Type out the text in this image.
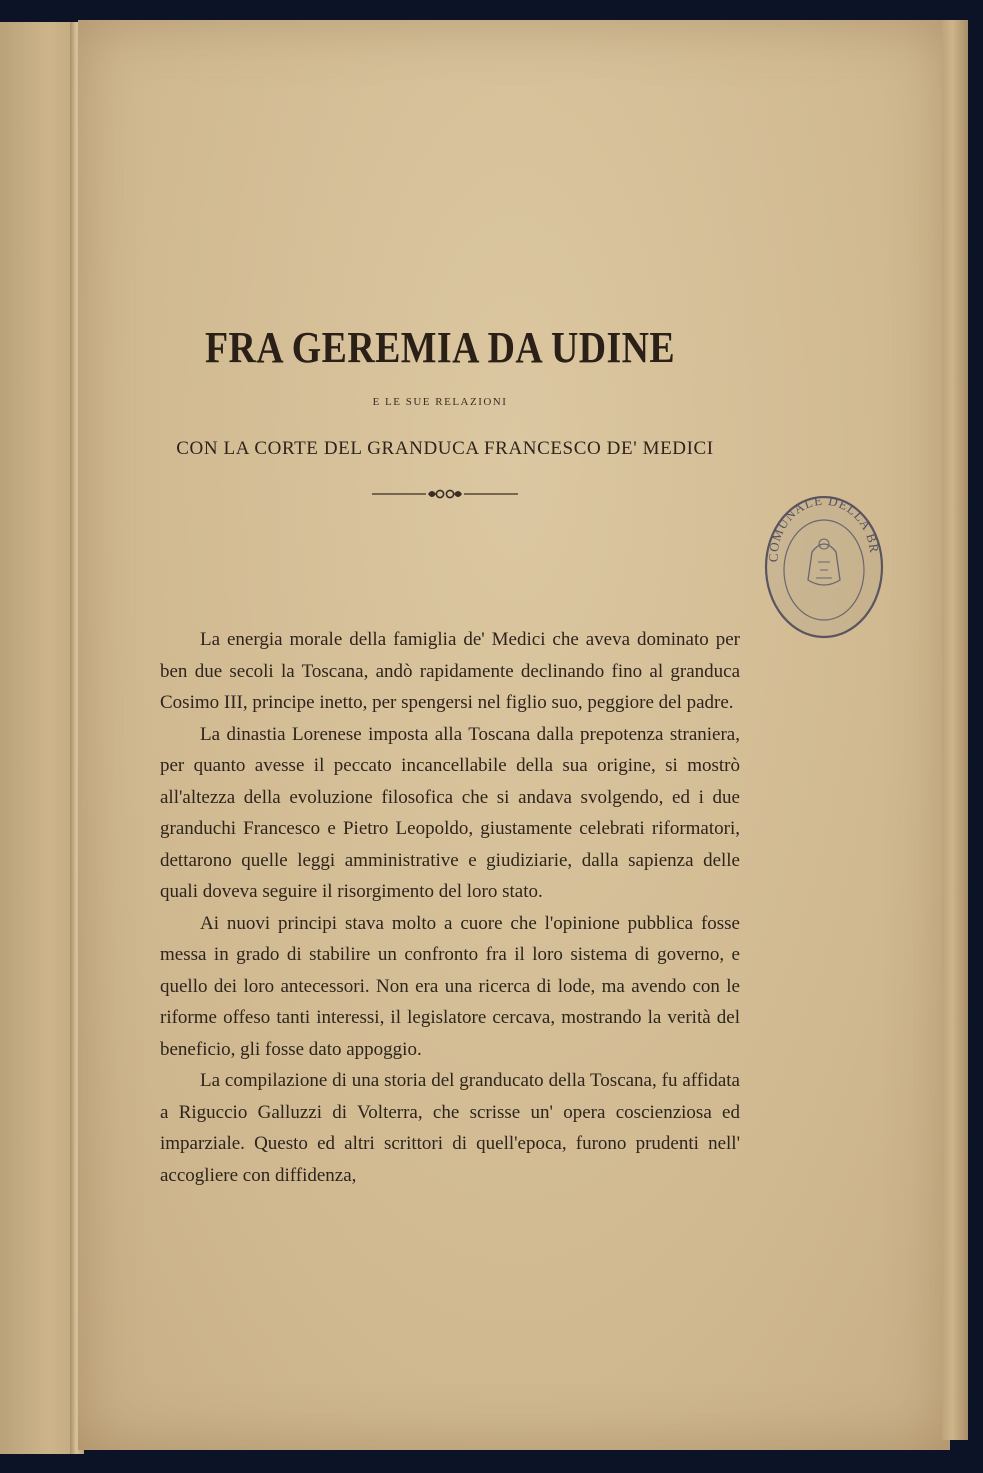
FRA GEREMIA DA UDINE
E LE SUE RELAZIONI
CON LA CORTE DEL GRANDUCA FRANCESCO DE' MEDICI
COMUNALE DELLA BR

La energia morale della famiglia de' Medici che aveva dominato per ben due secoli la Toscana, andò rapidamente declinando fino al granduca Cosimo III, principe inetto, per spengersi nel figlio suo, peggiore del padre.

La dinastia Lorenese imposta alla Toscana dalla prepotenza straniera, per quanto avesse il peccato incancellabile della sua origine, si mostrò all'altezza della evoluzione filosofica che si andava svolgendo, ed i due granduchi Francesco e Pietro Leopoldo, giustamente celebrati riformatori, dettarono quelle leggi amministrative e giudiziarie, dalla sapienza delle quali doveva seguire il risorgimento del loro stato.

Ai nuovi principi stava molto a cuore che l'opinione pubblica fosse messa in grado di stabilire un confronto fra il loro sistema di governo, e quello dei loro antecessori. Non era una ricerca di lode, ma avendo con le riforme offeso tanti interessi, il legislatore cercava, mostrando la verità del beneficio, gli fosse dato appoggio.

La compilazione di una storia del granducato della Toscana, fu affidata a Riguccio Galluzzi di Volterra, che scrisse un' opera coscienziosa ed imparziale. Questo ed altri scrittori di quell'epoca, furono prudenti nell' accogliere con diffidenza,
